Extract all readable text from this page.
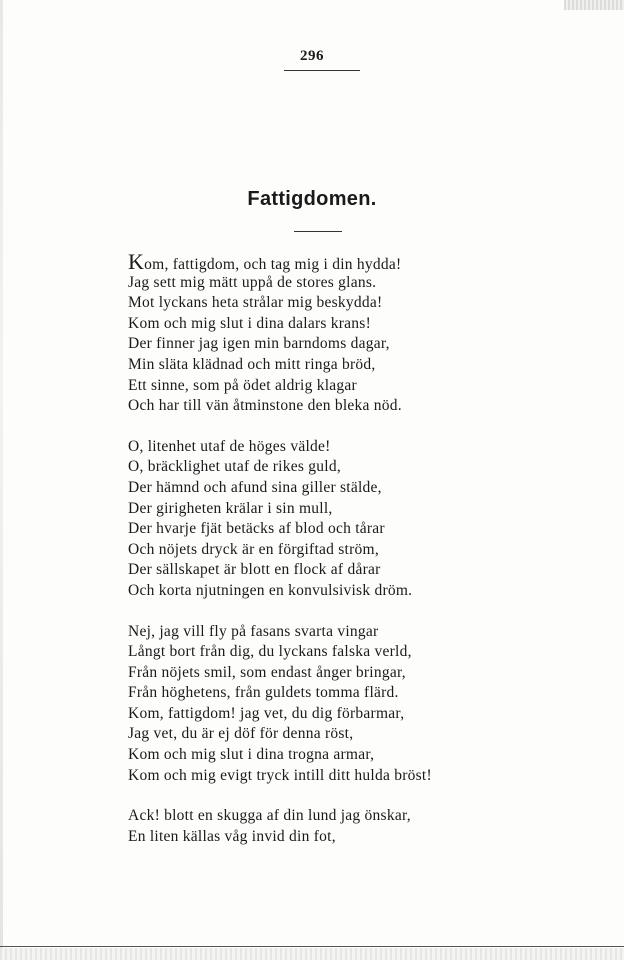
296
Fattigdomen.
Kom, fattigdom, och tag mig i din hydda!
Jag sett mig mätt uppå de stores glans.
Mot lyckans heta strålar mig beskydda!
Kom och mig slut i dina dalars krans!
Der finner jag igen min barndoms dagar,
Min släta klädnad och mitt ringa bröd,
Ett sinne, som på ödet aldrig klagar
Och har till vän åtminstone den bleka nöd.
O, litenhet utaf de höges välde!
O, bräcklighet utaf de rikes guld,
Der hämnd och afund sina giller stälde,
Der girigheten krälar i sin mull,
Der hvarje fjät betäcks af blod och tårar
Och nöjets dryck är en förgiftad ström,
Der sällskapet är blott en flock af dårar
Och korta njutningen en konvulsivisk dröm.
Nej, jag vill fly på fasans svarta vingar
Långt bort från dig, du lyckans falska verld,
Från nöjets smil, som endast ånger bringar,
Från höghetens, från guldets tomma flärd.
Kom, fattigdom! jag vet, du dig förbarmar,
Jag vet, du är ej döf för denna röst,
Kom och mig slut i dina trogna armar,
Kom och mig evigt tryck intill ditt hulda bröst!
Ack! blott en skugga af din lund jag önskar,
En liten källas våg invid din fot,
